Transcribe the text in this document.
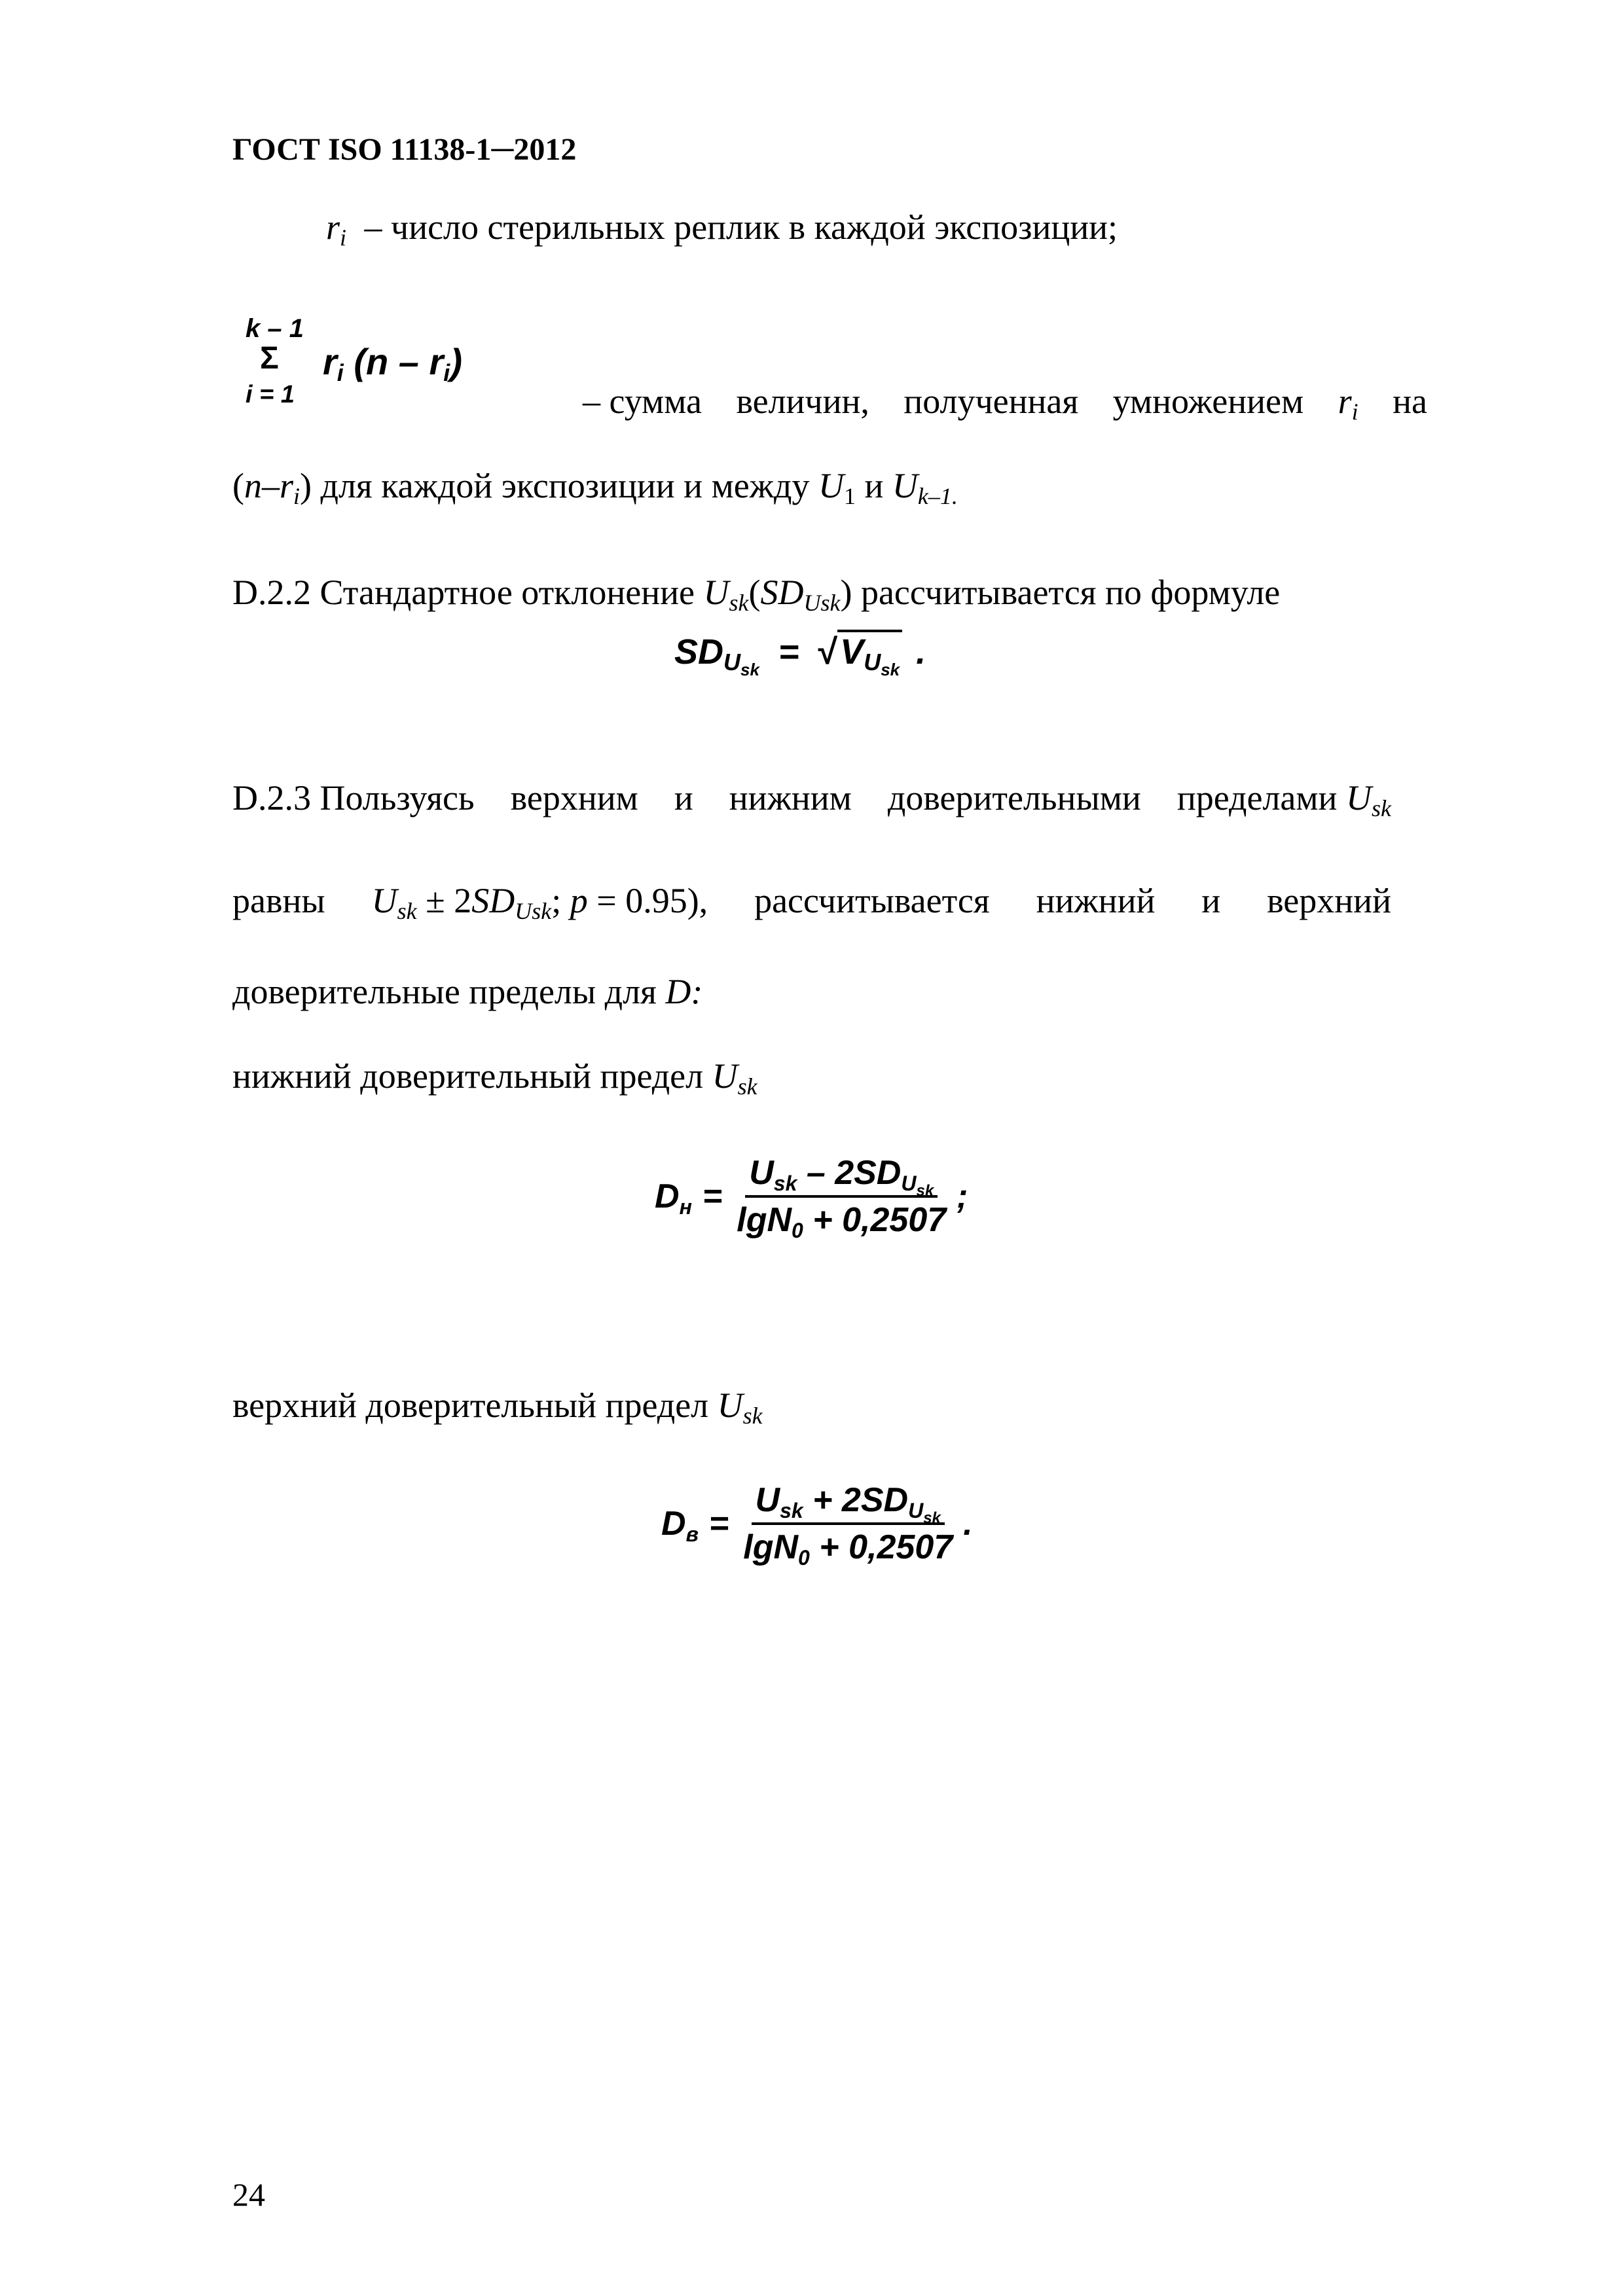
ГОСТ ISO 11138-1─2012
$r_i$ – число стерильных реплик в каждой экспозиции;
k – 1
Σ
i = 1
$r_i$ $(n - r_i)$
– сумма величин, полученная умножением $r_i$ на
$(n-r_i)$ для каждой экспозиции и между $U_1$ и $U_{k-1.}$
D.2.2 Стандартное отклонение $U_{sk}(SD_{Usk})$ рассчитывается по формуле
$SD_{U_{sk}} = √V_{U_{sk}}$ .
D.2.3 Пользуясь верхним и нижним доверительными пределами $U_{sk}$
равны $U_{sk} \pm 2SD_{Usk}$; p = 0.95), рассчитывается нижний и верхний
доверительные пределы для D:
нижний доверительный предел $U_{sk}$
$D_н = \frac{U_{sk} - 2SD_{U_{sk}}}{\lg N_0 + 0,2507}$ ;
верхний доверительный предел $U_{sk}$
$D_в = \frac{U_{sk} + 2SD_{U_{sk}}}{\lg N_0 + 0,2507}$ .
24
